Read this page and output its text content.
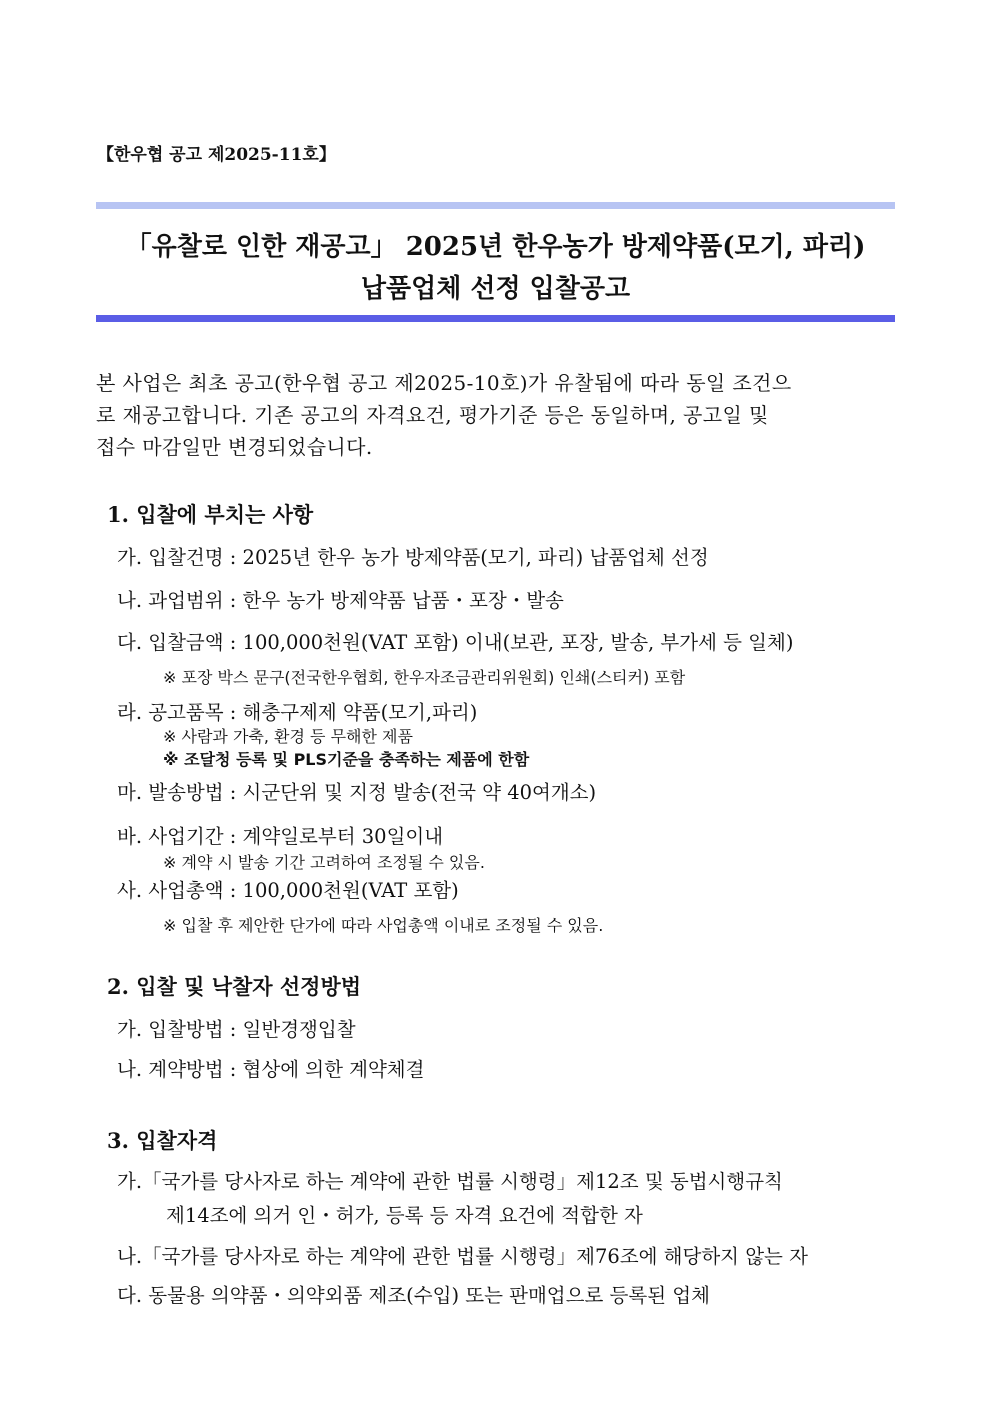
【한우협 공고 제2025-11호】
「유찰로 인한 재공고」 2025년 한우농가 방제약품(모기, 파리)
납품업체 선정 입찰공고
본 사업은 최초 공고(한우협 공고 제2025-10호)가 유찰됨에 따라 동일 조건으
로 재공고합니다. 기존 공고의 자격요건, 평가기준 등은 동일하며, 공고일 및
접수 마감일만 변경되었습니다.
1. 입찰에 부치는 사항
가. 입찰건명 : 2025년 한우 농가 방제약품(모기, 파리) 납품업체 선정
나. 과업범위 : 한우 농가 방제약품 납품・포장・발송
다. 입찰금액 : 100,000천원(VAT 포함) 이내(보관, 포장, 발송, 부가세 등 일체)
※ 포장 박스 문구(전국한우협회, 한우자조금관리위원회) 인쇄(스티커) 포함
라. 공고품목 : 해충구제제 약품(모기,파리)
※ 사람과 가축, 환경 등 무해한 제품
※ 조달청 등록 및 PLS기준을 충족하는 제품에 한함
마. 발송방법 : 시군단위 및 지정 발송(전국 약 40여개소)
바. 사업기간 : 계약일로부터 30일이내
※ 계약 시 발송 기간 고려하여 조정될 수 있음.
사. 사업총액 : 100,000천원(VAT 포함)
※ 입찰 후 제안한 단가에 따라 사업총액 이내로 조정될 수 있음.
2. 입찰 및 낙찰자 선정방법
가. 입찰방법 : 일반경쟁입찰
나. 계약방법 : 협상에 의한 계약체결
3. 입찰자격
가.「국가를 당사자로 하는 계약에 관한 법률 시행령」제12조 및 동법시행규칙
제14조에 의거 인・허가, 등록 등 자격 요건에 적합한 자
나.「국가를 당사자로 하는 계약에 관한 법률 시행령」제76조에 해당하지 않는 자
다. 동물용 의약품・의약외품 제조(수입) 또는 판매업으로 등록된 업체
